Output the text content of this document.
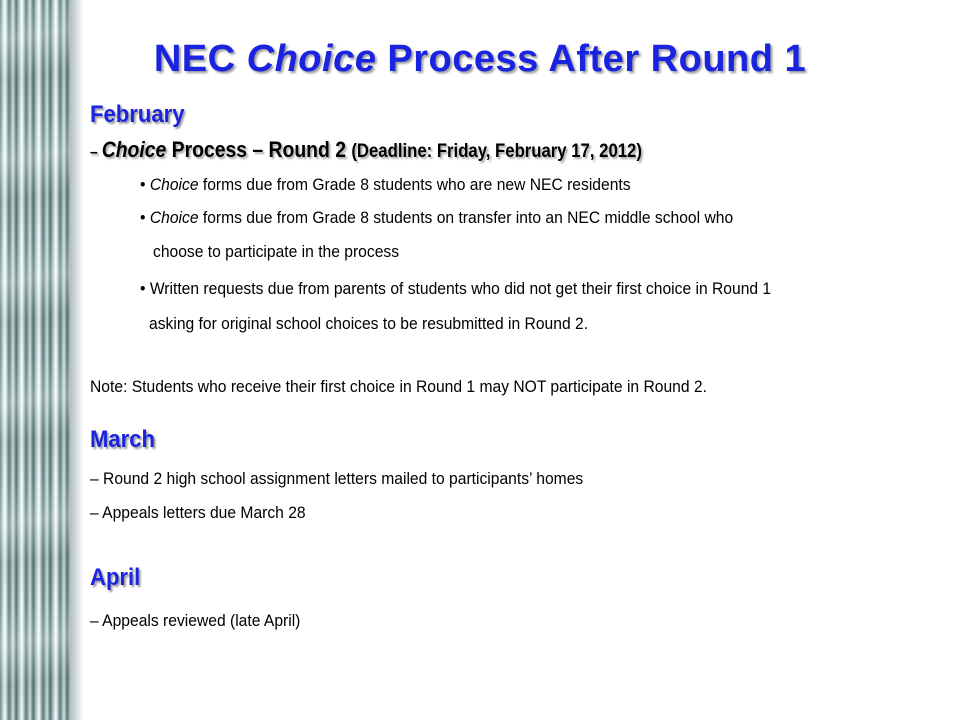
NEC Choice Process After Round 1
February
– Choice Process – Round 2 (Deadline: Friday, February 17, 2012)
• Choice forms due from Grade 8 students who are new NEC residents
• Choice forms due from Grade 8 students on transfer into an NEC middle school who
choose to participate in the process
• Written requests due from parents of students who did not get their first choice in Round 1
asking for original school choices to be resubmitted in Round 2.
Note: Students who receive their first choice in Round 1 may NOT participate in Round 2.
March
– Round 2 high school assignment letters mailed to participants’ homes
– Appeals letters due March 28
April
– Appeals reviewed (late April)
